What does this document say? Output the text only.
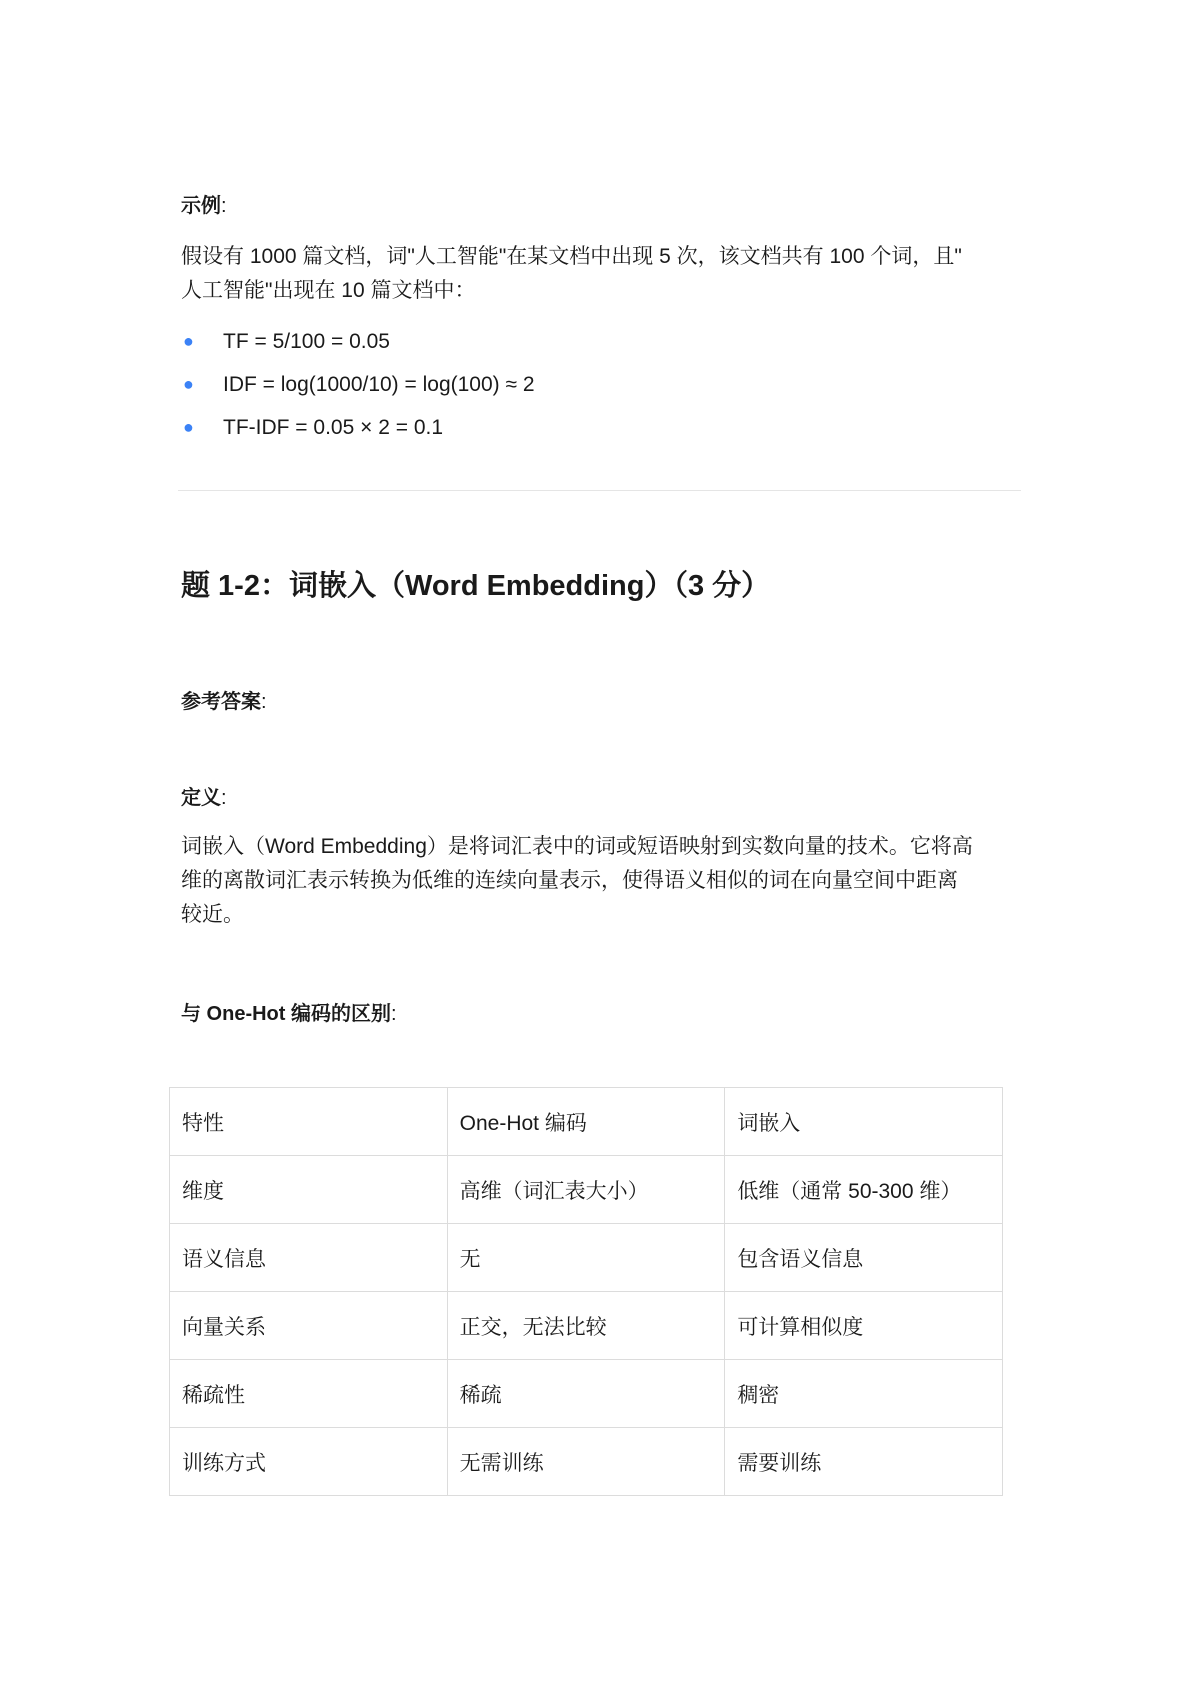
示例:
假设有 1000 篇文档，词"人工智能"在某文档中出现 5 次，该文档共有 100 个词，且"
人工智能"出现在 10 篇文档中：
● TF = 5/100 = 0.05
● IDF = log(1000/10) = log(100) ≈ 2
● TF-IDF = 0.05 × 2 = 0.1
题 1-2：词嵌入（Word Embedding）（3 分）
参考答案:
定义:
词嵌入（Word Embedding）是将词汇表中的词或短语映射到实数向量的技术。它将高
维的离散词汇表示转换为低维的连续向量表示，使得语义相似的词在向量空间中距离
较近。
与 One-Hot 编码的区别:
特性	One-Hot 编码	词嵌入
维度	高维（词汇表大小）	低维（通常 50-300 维）
语义信息	无	包含语义信息
向量关系	正交，无法比较	可计算相似度
稀疏性	稀疏	稠密
训练方式	无需训练	需要训练
